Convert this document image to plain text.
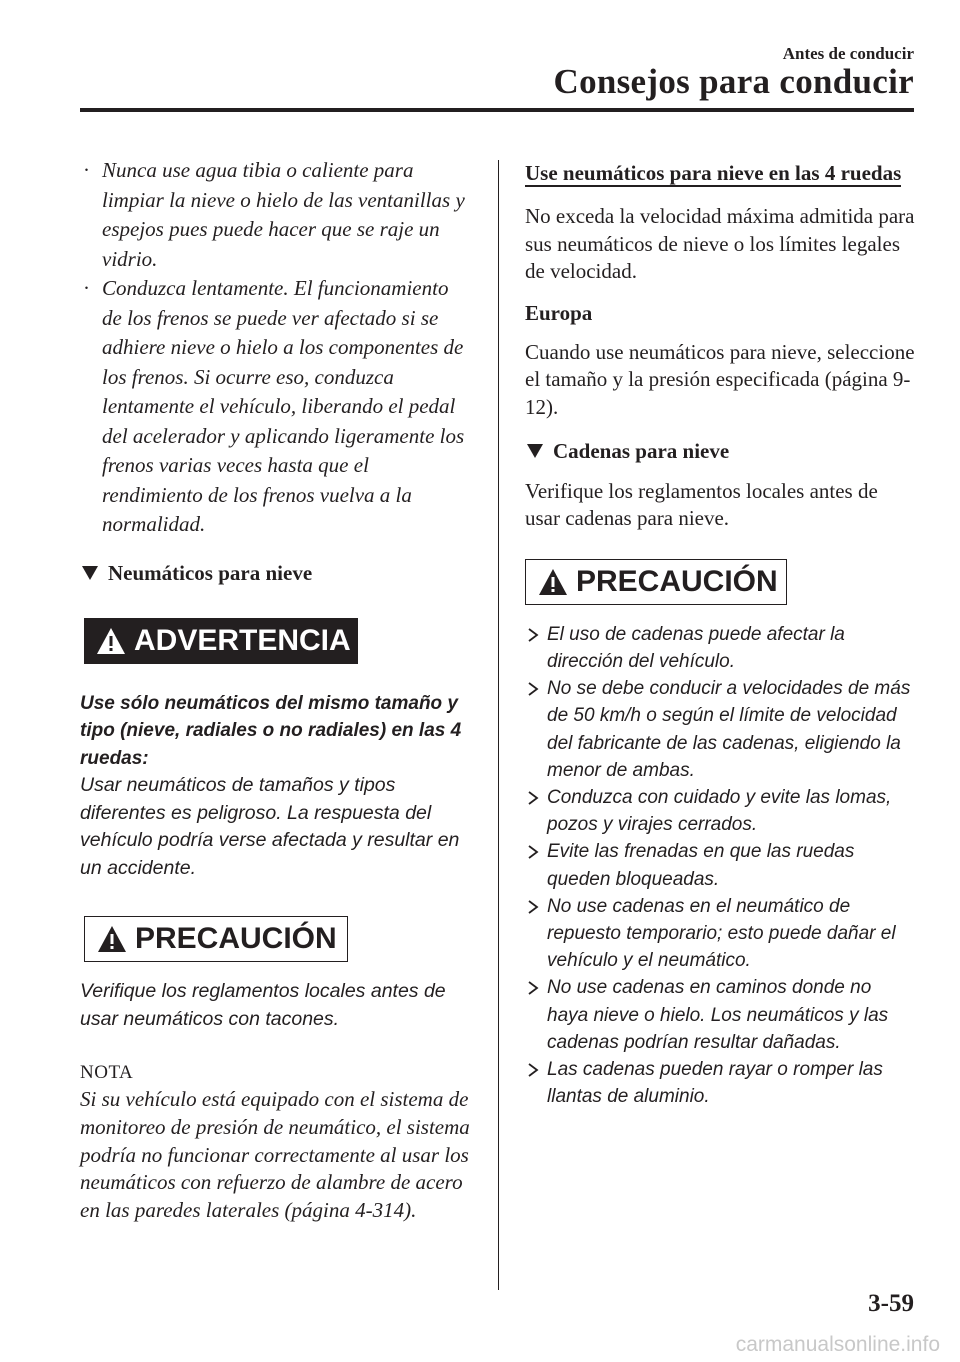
Antes de conducir
Consejos para conducir
· Nunca use agua tibia o caliente para limpiar la nieve o hielo de las ventanillas y espejos pues puede hacer que se raje un vidrio.
· Conduzca lentamente. El funcionamiento de los frenos se puede ver afectado si se adhiere nieve o hielo a los componentes de los frenos. Si ocurre eso, conduzca lentamente el vehículo, liberando el pedal del acelerador y aplicando ligeramente los frenos varias veces hasta que el rendimiento de los frenos vuelva a la normalidad.
Neumáticos para nieve
ADVERTENCIA

Use sólo neumáticos del mismo tamaño y tipo (nieve, radiales o no radiales) en las 4 ruedas:

Usar neumáticos de tamaños y tipos diferentes es peligroso. La respuesta del vehículo podría verse afectada y resultar en un accidente.

PRECAUCIÓN

Verifique los reglamentos locales antes de usar neumáticos con tacones.

NOTA

Si su vehículo está equipado con el sistema de monitoreo de presión de neumático, el sistema podría no funcionar correctamente al usar los neumáticos con refuerzo de alambre de acero en las paredes laterales (página 4-314).

Use neumáticos para nieve en las 4 ruedas

No exceda la velocidad máxima admitida para sus neumáticos de nieve o los límites legales de velocidad.

Europa

Cuando use neumáticos para nieve, seleccione el tamaño y la presión especificada (página 9-12).

Cadenas para nieve

Verifique los reglamentos locales antes de usar cadenas para nieve.

PRECAUCIÓN
El uso de cadenas puede afectar la dirección del vehículo.
No se debe conducir a velocidades de más de 50 km/h o según el límite de velocidad del fabricante de las cadenas, eligiendo la menor de ambas.
Conduzca con cuidado y evite las lomas, pozos y virajes cerrados.
Evite las frenadas en que las ruedas queden bloqueadas.
No use cadenas en el neumático de repuesto temporario; esto puede dañar el vehículo y el neumático.
No use cadenas en caminos donde no haya nieve o hielo. Los neumáticos y las cadenas podrían resultar dañadas.
Las cadenas pueden rayar o romper las llantas de aluminio.
3-59
carmanualsonline.info
